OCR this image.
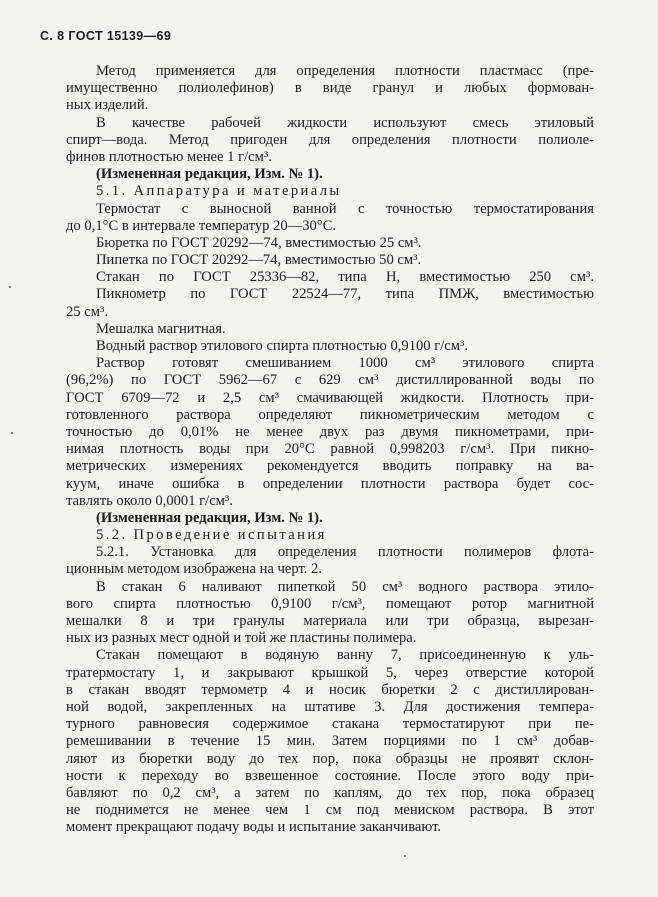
С. 8 ГОСТ 15139—69
Метод применяется для определения плотности пластмасс (пре-
имущественно полиолефинов) в виде гранул и любых формован-
ных изделий.
В качестве рабочей жидкости используют смесь этиловый
спирт—вода. Метод пригоден для определения плотности полиоле-
финов плотностью менее 1 г/см³.
(Измененная редакция, Изм. № 1).
5.1. Аппаратура и материалы
Термостат с выносной ванной с точностью термостатирования
до 0,1°С в интервале температур 20—30°С.
Бюретка по ГОСТ 20292—74, вместимостью 25 см³.
Пипетка по ГОСТ 20292—74, вместимостью 50 см³.
Стакан по ГОСТ 25336—82, типа Н, вместимостью 250 см³.
Пикнометр по ГОСТ 22524—77, типа ПМЖ, вместимостью
25 см³.
Мешалка магнитная.
Водный раствор этилового спирта плотностью 0,9100 г/см³.
Раствор готовят смешиванием 1000 см³ этилового спирта
(96,2%) по ГОСТ 5962—67 с 629 см³ дистиллированной воды по
ГОСТ 6709—72 и 2,5 см³ смачивающей жидкости. Плотность при-
готовленного раствора определяют пикнометрическим методом с
точностью до 0,01% не менее двух раз двумя пикнометрами, при-
нимая плотность воды при 20°С равной 0,998203 г/см³. При пикно-
метрических измерениях рекомендуется вводить поправку на ва-
куум, иначе ошибка в определении плотности раствора будет сос-
тавлять около 0,0001 г/см³.
(Измененная редакция, Изм. № 1).
5.2. Проведение испытания
5.2.1. Установка для определения плотности полимеров флота-
ционным методом изображена на черт. 2.
В стакан 6 наливают пипеткой 50 см³ водного раствора этило-
вого спирта плотностью 0,9100 г/см³, помещают ротор магнитной
мешалки 8 и три гранулы материала или три образца, вырезан-
ных из разных мест одной и той же пластины полимера.
Стакан помещают в водяную ванну 7, присоединенную к уль-
тратермостату 1, и закрывают крышкой 5, через отверстие которой
в стакан вводят термометр 4 и носик бюретки 2 с дистиллирован-
ной водой, закрепленных на штативе 3. Для достижения темпера-
турного равновесия содержимое стакана термостатируют при пе-
ремешивании в течение 15 мин. Затем порциями по 1 см³ добав-
ляют из бюретки воду до тех пор, пока образцы не проявят склон-
ности к переходу во взвешенное состояние. После этого воду при-
бавляют по 0,2 см³, а затем по каплям, до тех пор, пока образец
не поднимется не менее чем 1 см под мениском раствора. В этот
момент прекращают подачу воды и испытание заканчивают.
